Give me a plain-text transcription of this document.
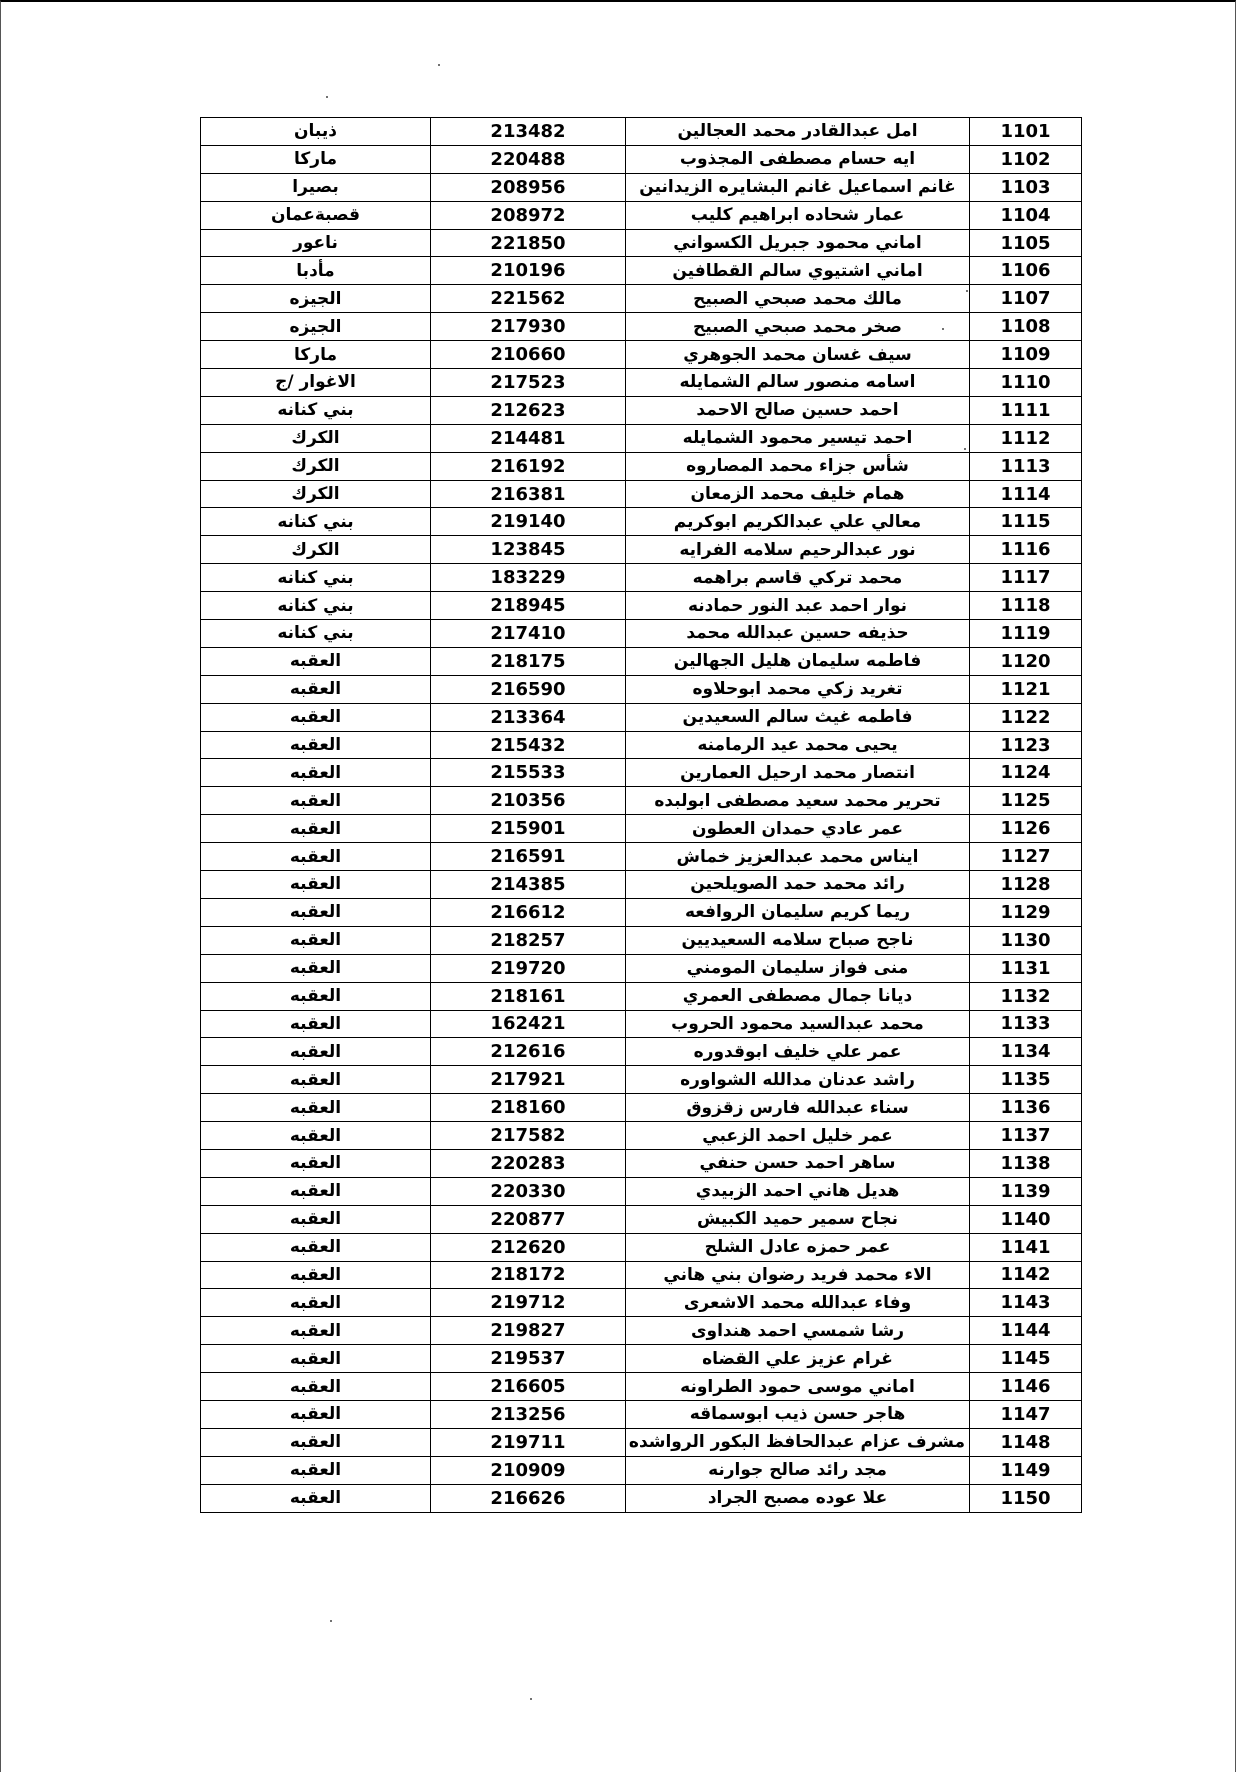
ذيبان	213482	امل عبدالقادر محمد العجالين	1101
ماركا	220488	ايه حسام مصطفى المجذوب	1102
بصيرا	208956	غانم اسماعيل غانم البشايره الزيدانين	1103
قصبةعمان	208972	عمار شحاده ابراهيم كليب	1104
ناعور	221850	اماني محمود جبريل الكسواني	1105
مأدبا	210196	اماني اشتيوي سالم القطافين	1106
الجيزه	221562	مالك محمد صبحي الصبيح	1107
الجيزه	217930	صخر محمد صبحي الصبيح	1108
ماركا	210660	سيف غسان محمد الجوهري	1109
الاغوار /ج	217523	اسامه منصور سالم الشمايله	1110
بني كنانه	212623	احمد حسين صالح الاحمد	1111
الكرك	214481	احمد تيسير محمود الشمايله	1112
الكرك	216192	شأس جزاء محمد المصاروه	1113
الكرك	216381	همام خليف محمد الزمعان	1114
بني كنانه	219140	معالي علي عبدالكريم ابوكريم	1115
الكرك	123845	نور عبدالرحيم سلامه الفرايه	1116
بني كنانه	183229	محمد تركي قاسم براهمه	1117
بني كنانه	218945	نوار احمد عبد النور حمادنه	1118
بني كنانه	217410	حذيفه حسين عبدالله محمد	1119
العقبه	218175	فاطمه سليمان هليل الجهالين	1120
العقبه	216590	تغريد زكي محمد ابوحلاوه	1121
العقبه	213364	فاطمه غيث سالم السعيدين	1122
العقبه	215432	يحيى محمد عيد الرمامنه	1123
العقبه	215533	انتصار محمد ارحيل العمارين	1124
العقبه	210356	تحرير محمد سعيد مصطفى ابولبده	1125
العقبه	215901	عمر عادي حمدان العطون	1126
العقبه	216591	ايناس محمد عبدالعزيز خماش	1127
العقبه	214385	رائد محمد حمد الصويلحين	1128
العقبه	216612	ريما كريم سليمان الروافعه	1129
العقبه	218257	ناجح صباح سلامه السعيديين	1130
العقبه	219720	منى فواز سليمان المومني	1131
العقبه	218161	ديانا جمال مصطفى العمري	1132
العقبه	162421	محمد عبدالسيد محمود الحروب	1133
العقبه	212616	عمر علي خليف ابوقدوره	1134
العقبه	217921	راشد عدنان مدالله الشواوره	1135
العقبه	218160	سناء عبدالله فارس زقزوق	1136
العقبه	217582	عمر خليل احمد الزعبي	1137
العقبه	220283	ساهر احمد حسن حنفي	1138
العقبه	220330	هديل هاني احمد الزبيدي	1139
العقبه	220877	نجاح سمير حميد الكبيش	1140
العقبه	212620	عمر حمزه عادل الشلح	1141
العقبه	218172	الاء محمد فريد رضوان بني هاني	1142
العقبه	219712	وفاء عبدالله محمد الاشعرى	1143
العقبه	219827	رشا شمسي احمد هنداوى	1144
العقبه	219537	غرام عزيز علي القضاه	1145
العقبه	216605	اماني موسى حمود الطراونه	1146
العقبه	213256	هاجر حسن ذيب ابوسماقه	1147
العقبه	219711	مشرف عزام عبدالحافظ البكور الرواشده	1148
العقبه	210909	مجد رائد صالح جوارنه	1149
العقبه	216626	علا عوده مصبح الجراد	1150
